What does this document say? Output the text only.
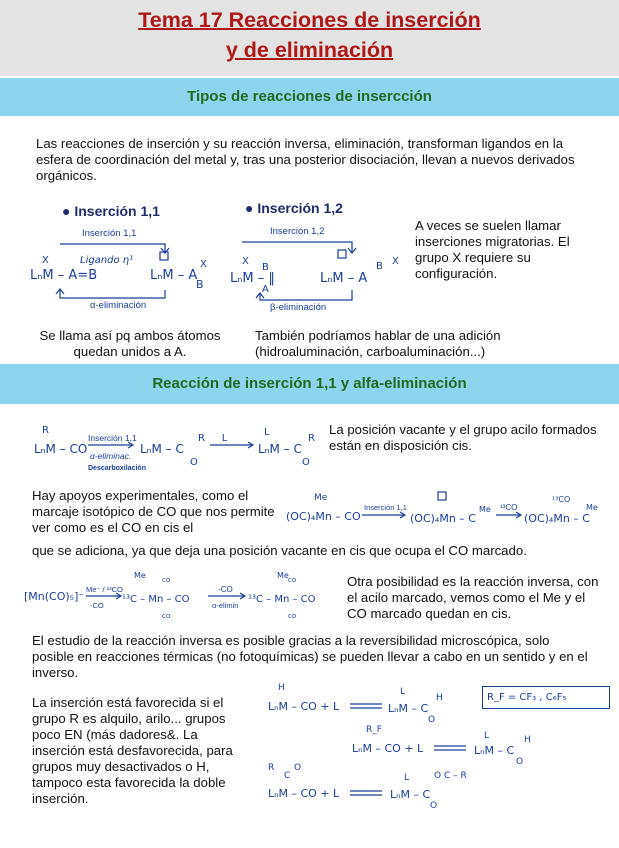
Tema 17 Reacciones de inserción
y de eliminación
Tipos de reacciones de insercción
Las reacciones de inserción y su reacción inversa, eliminación, transforman ligandos en la esfera de coordinación del metal y, tras una posterior disociación, llevan a nuevos derivados orgánicos.
● Inserción 1,1	● Inserción 1,2
Inserción 1,1
X
LₙM – A=B
Ligando η¹
LₙM – A
X
B
α-eliminación
Inserción 1,2
X
B
LₙM – ‖
A
LₙM – A
B X
β-eliminación
A veces se suelen llamar inserciones migratorias. El grupo X requiere su configuración.
Se llama así pq ambos átomos quedan unidos a A.
También podríamos hablar de una adición (hidroaluminación, carboaluminación...)
Reacción de inserción 1,1 y alfa-eliminación
R
LₙM – CO
Inserción 1,1
α-eliminac.
Descarboxilación
LₙM – C
R
O
L
L
LₙM – C
R
O
La posición vacante y el grupo acilo formados están en disposición cis.
Hay apoyos experimentales, como el marcaje isotópico de CO que nos permite ver como es el CO en cis el
Me
(OC)₄Mn – CO
Inserción 1,1
(OC)₄Mn – C
Me ¹³CO
¹³CO
(OC)₄Mn – C
Me
que se adiciona, ya que deja una posición vacante en cis que ocupa el CO marcado.
[Mn(CO)₅]⁻
Me⁻ / ¹³CO
-CO
Me
¹³C – Mn – CO
co
co
-CO
α-elimin
Me
¹³C – Mn – CO
co
co
Otra posibilidad es la reacción inversa, con el acilo marcado, vemos como el Me y el CO marcado quedan en cis.
El estudio de la reacción inversa es posible gracias a la reversibilidad microscópica, solo posible en reacciones térmicas (no fotoquímicas) se pueden llevar a cabo en un sentido y en el inverso.
La inserción está favorecida si el grupo R es alquilo, arilo... grupos poco EN (más dadores&. La inserción está desfavorecida, para grupos muy desactivados o H, tampoco esta favorecida la doble inserción.
H
LₙM – CO + L
L
LₙM – C
H
O
R_F = CF₃ , C₆F₅
R_F
LₙM – CO + L
L
LₙM – C
H
O
R
C
O
LₙM – CO + L
L
LₙM – C
O C – R
O
